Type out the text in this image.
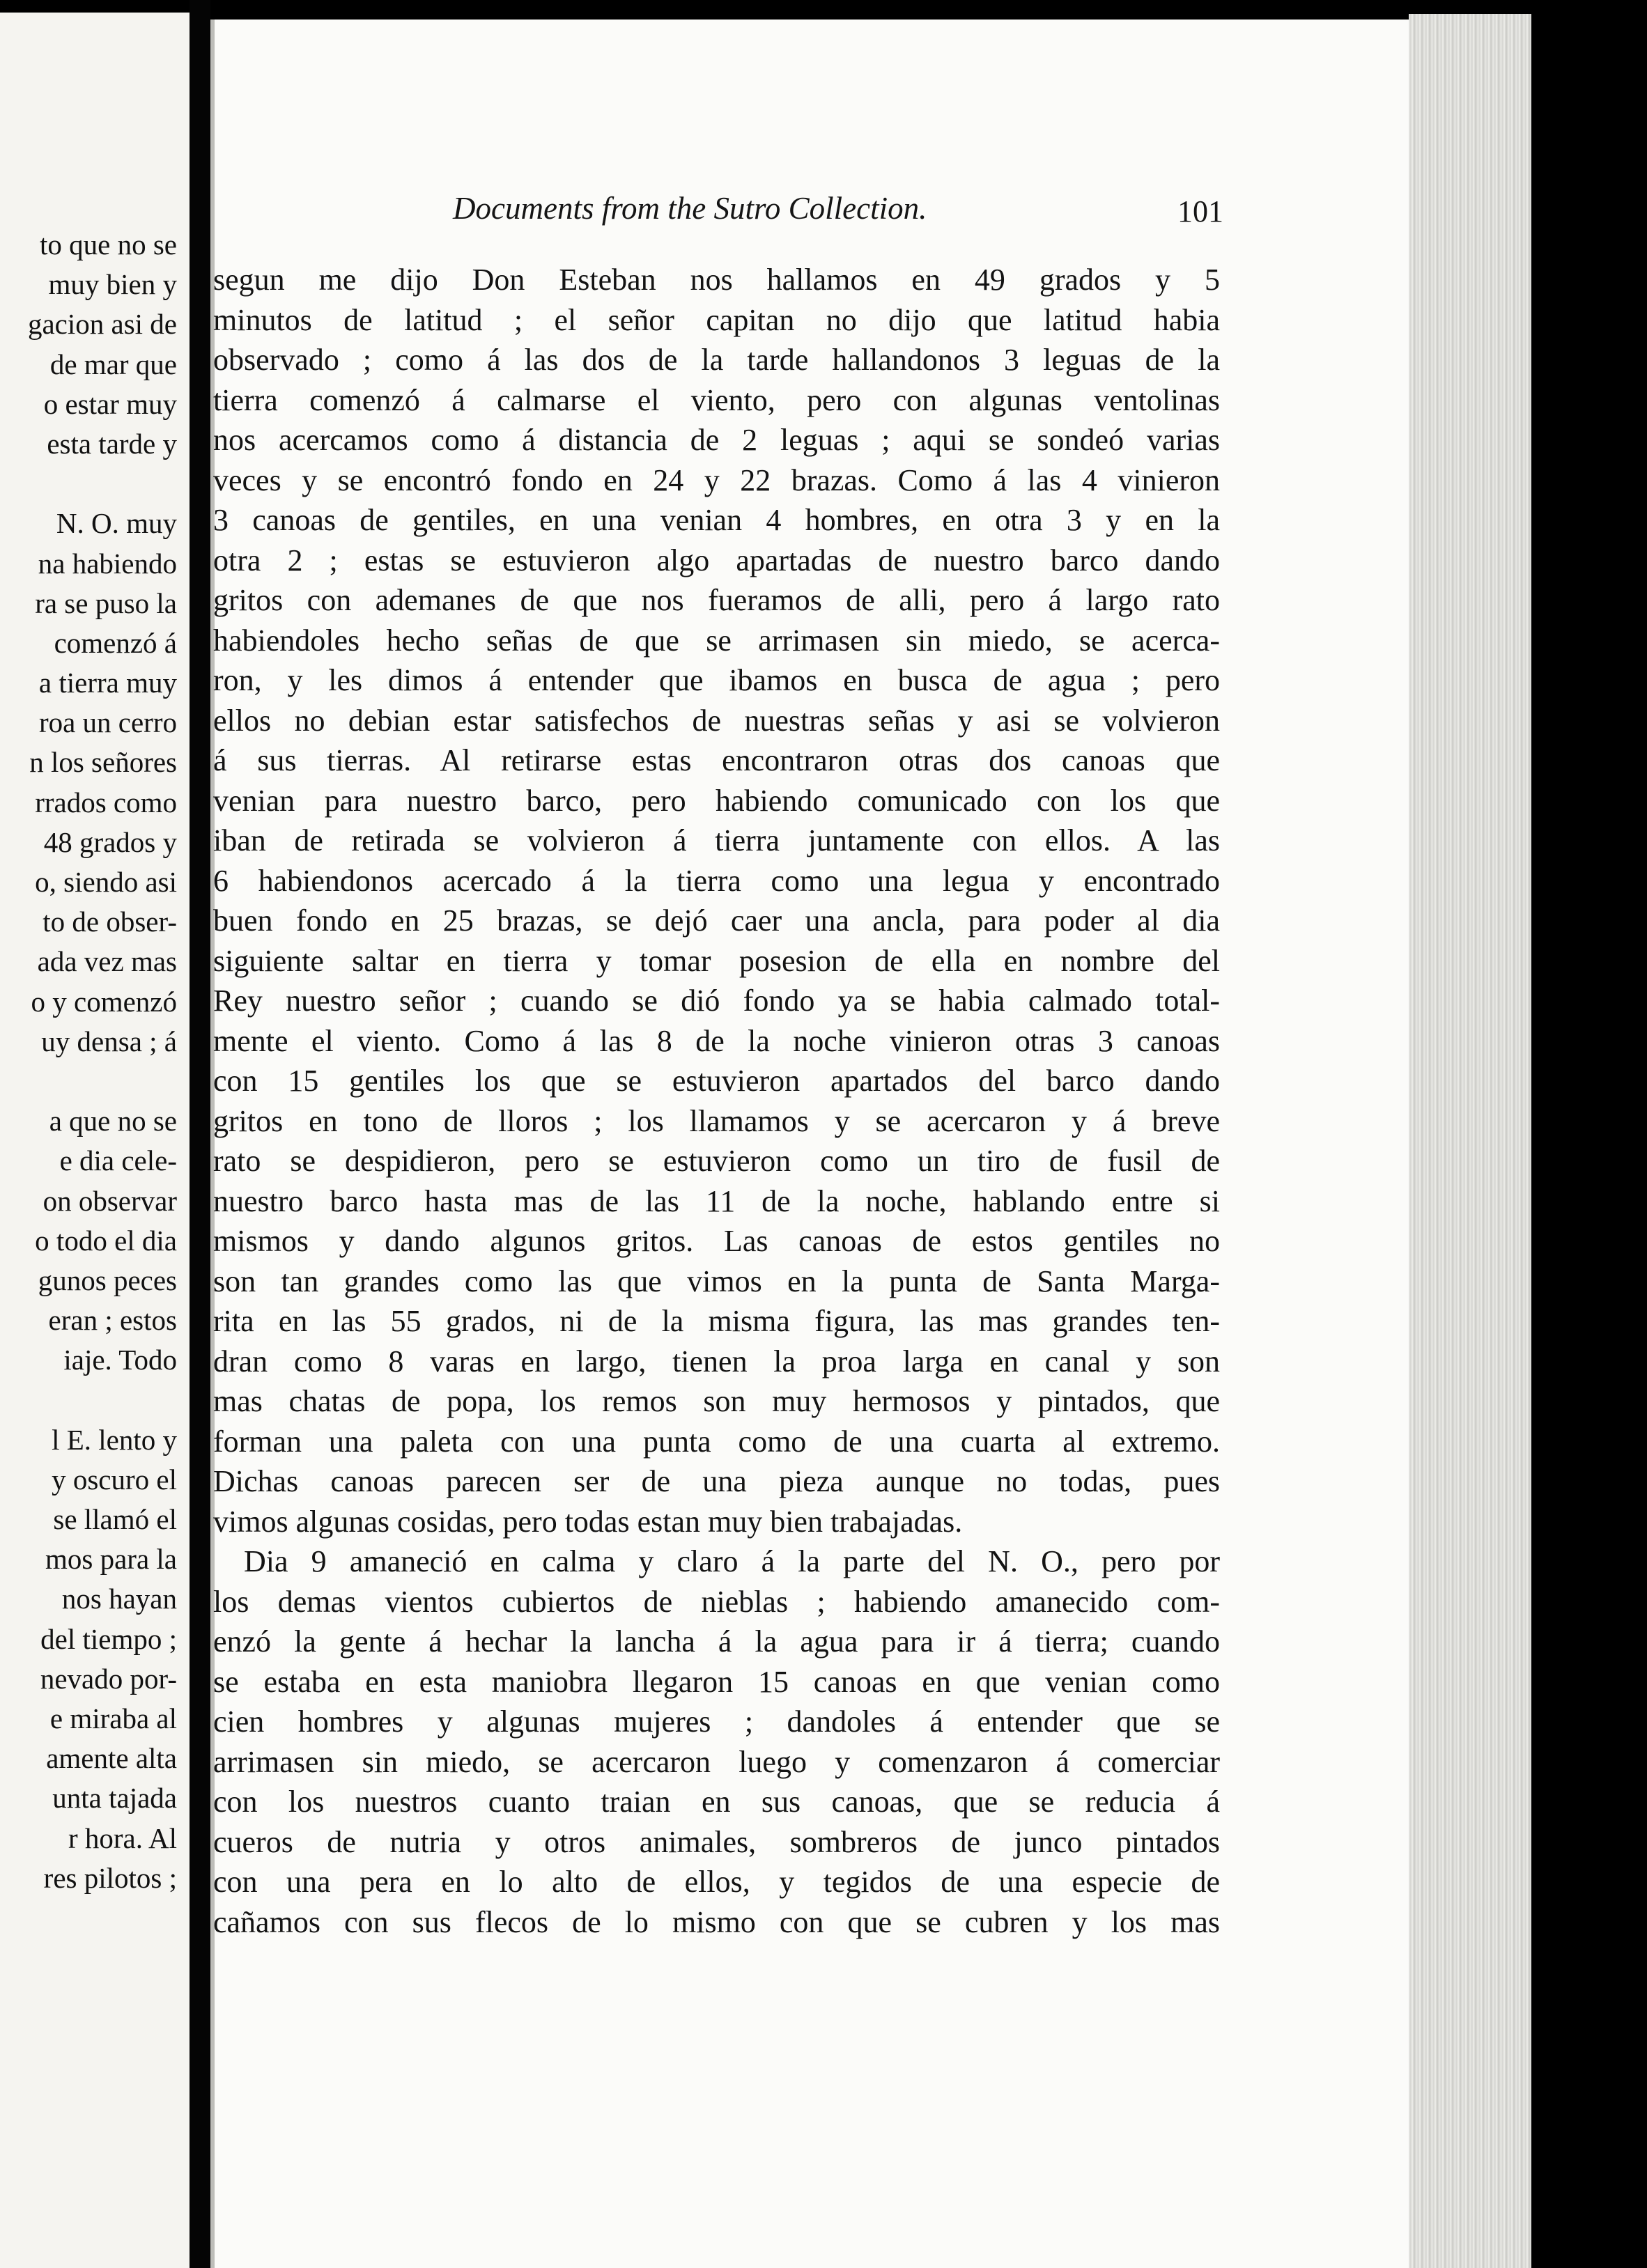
to que no se
muy bien y
gacion asi de
de mar que
o estar muy
esta tarde y
N. O. muy
na habiendo
ra se puso la
comenzó á
a tierra muy
roa un cerro
n los señores
rrados como
48 grados y
o, siendo asi
to de obser-
ada vez mas
o y comenzó
uy densa ; á
a que no se
e dia cele-
on observar
o todo el dia
gunos peces
eran ; estos
iaje. Todo
l E. lento y
y oscuro el
se llamó el
mos para la
nos hayan
del tiempo ;
nevado por-
e miraba al
amente alta
unta tajada
r hora. Al
res pilotos ;
Documents from the Sutro Collection.	101
segun me dijo Don Esteban nos hallamos en 49 grados y 5
minutos de latitud ; el señor capitan no dijo que latitud habia
observado ; como á las dos de la tarde hallandonos 3 leguas de la
tierra comenzó á calmarse el viento, pero con algunas ventolinas
nos acercamos como á distancia de 2 leguas ; aqui se sondeó varias
veces y se encontró fondo en 24 y 22 brazas. Como á las 4 vinieron
3 canoas de gentiles, en una venian 4 hombres, en otra 3 y en la
otra 2 ; estas se estuvieron algo apartadas de nuestro barco dando
gritos con ademanes de que nos fueramos de alli, pero á largo rato
habiendoles hecho señas de que se arrimasen sin miedo, se acerca-
ron, y les dimos á entender que ibamos en busca de agua ; pero
ellos no debian estar satisfechos de nuestras señas y asi se volvieron
á sus tierras. Al retirarse estas encontraron otras dos canoas que
venian para nuestro barco, pero habiendo comunicado con los que
iban de retirada se volvieron á tierra juntamente con ellos. A las
6 habiendonos acercado á la tierra como una legua y encontrado
buen fondo en 25 brazas, se dejó caer una ancla, para poder al dia
siguiente saltar en tierra y tomar posesion de ella en nombre del
Rey nuestro señor ; cuando se dió fondo ya se habia calmado total-
mente el viento. Como á las 8 de la noche vinieron otras 3 canoas
con 15 gentiles los que se estuvieron apartados del barco dando
gritos en tono de lloros ; los llamamos y se acercaron y á breve
rato se despidieron, pero se estuvieron como un tiro de fusil de
nuestro barco hasta mas de las 11 de la noche, hablando entre si
mismos y dando algunos gritos. Las canoas de estos gentiles no
son tan grandes como las que vimos en la punta de Santa Marga-
rita en las 55 grados, ni de la misma figura, las mas grandes ten-
dran como 8 varas en largo, tienen la proa larga en canal y son
mas chatas de popa, los remos son muy hermosos y pintados, que
forman una paleta con una punta como de una cuarta al extremo.
Dichas canoas parecen ser de una pieza aunque no todas, pues
vimos algunas cosidas, pero todas estan muy bien trabajadas.
Dia 9 amaneció en calma y claro á la parte del N. O., pero por
los demas vientos cubiertos de nieblas ; habiendo amanecido com-
enzó la gente á hechar la lancha á la agua para ir á tierra; cuando
se estaba en esta maniobra llegaron 15 canoas en que venian como
cien hombres y algunas mujeres ; dandoles á entender que se
arrimasen sin miedo, se acercaron luego y comenzaron á comerciar
con los nuestros cuanto traian en sus canoas, que se reducia á
cueros de nutria y otros animales, sombreros de junco pintados
con una pera en lo alto de ellos, y tegidos de una especie de
cañamos con sus flecos de lo mismo con que se cubren y los mas
